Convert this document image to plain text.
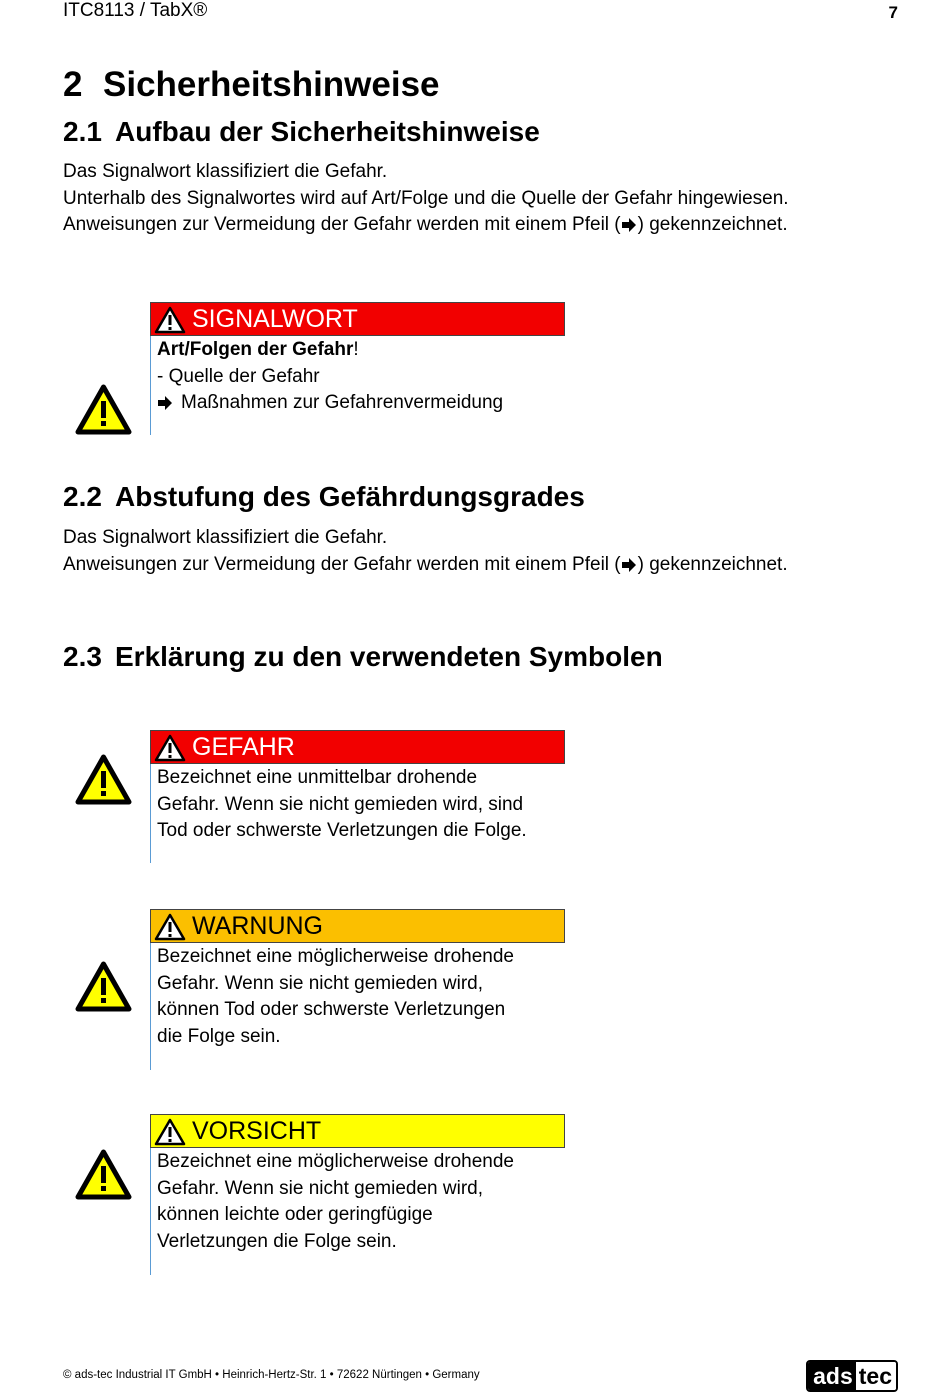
ITC8113 / TabX®	7
2 Sicherheitshinweise
2.1 Aufbau der Sicherheitshinweise
Das Signalwort klassifiziert die Gefahr.
Unterhalb des Signalwortes wird auf Art/Folge und die Quelle der Gefahr hingewiesen.
Anweisungen zur Vermeidung der Gefahr werden mit einem Pfeil ( ) gekennzeichnet.
SIGNALWORT
Art/Folgen der Gefahr!
- Quelle der Gefahr
Maßnahmen zur Gefahrenvermeidung
2.2 Abstufung des Gefährdungsgrades
Das Signalwort klassifiziert die Gefahr.
Anweisungen zur Vermeidung der Gefahr werden mit einem Pfeil ( ) gekennzeichnet.
2.3 Erklärung zu den verwendeten Symbolen
GEFAHR
Bezeichnet eine unmittelbar drohende
Gefahr. Wenn sie nicht gemieden wird, sind
Tod oder schwerste Verletzungen die Folge.
WARNUNG
Bezeichnet eine möglicherweise drohende
Gefahr. Wenn sie nicht gemieden wird,
können Tod oder schwerste Verletzungen
die Folge sein.
VORSICHT
Bezeichnet eine möglicherweise drohende
Gefahr. Wenn sie nicht gemieden wird,
können leichte oder geringfügige
Verletzungen die Folge sein.
© ads-tec Industrial IT GmbH • Heinrich-Hertz-Str. 1 • 72622 Nürtingen • Germany	ads tec
